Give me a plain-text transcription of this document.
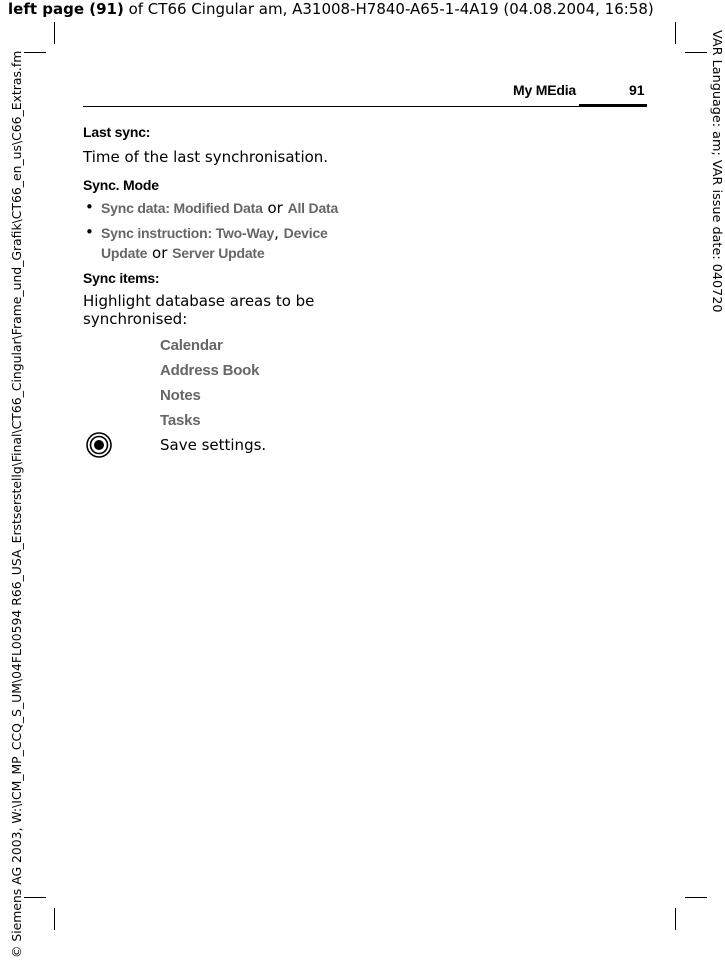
left page (91) of CT66 Cingular am, A31008-H7840-A65-1-4A19 (04.08.2004, 16:58)
© Siemens AG 2003, W:\ICM_MP_CCQ_S_UM\04FL00594 R66_USA_Erstserstellg\Final\CT66_Cingular\Frame_und_Grafik\CT66_en_us\C66_Extras.fm	VAR Language: am; VAR issue date: 040720
My MEdia	91
Last sync:
Time of the last synchronisation.
Sync. Mode
• Sync data: Modified Data or All Data
• Sync instruction: Two-Way, Device
Update or Server Update
Sync items:
Highlight database areas to be
synchronised:
Calendar
Address Book
Notes
Tasks
Save settings.
